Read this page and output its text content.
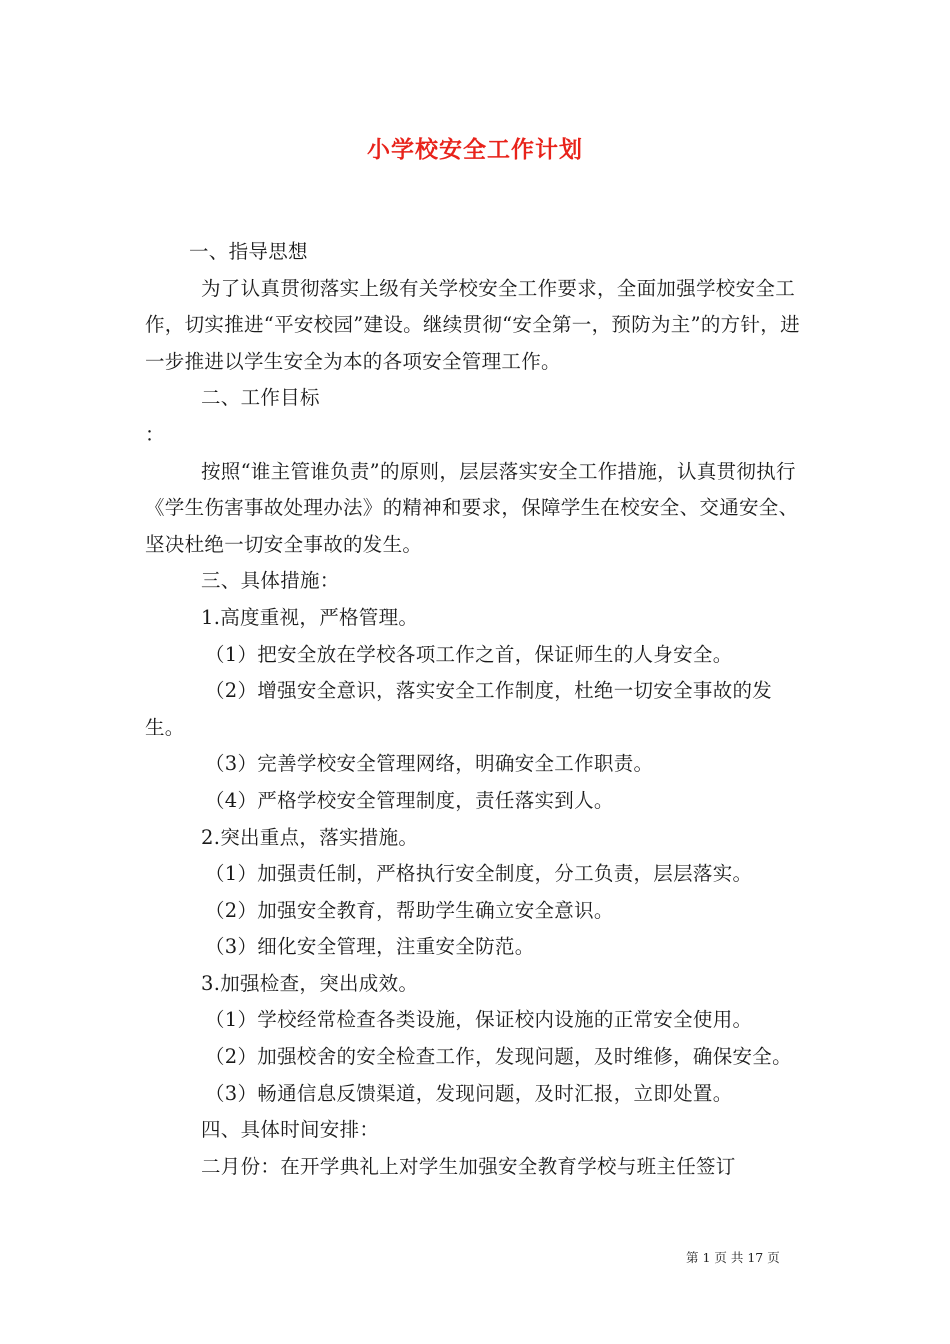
小学校安全工作计划

一、指导思想

为了认真贯彻落实上级有关学校安全工作要求，全面加强学校安全工作，切实推进“平安校园”建设。继续贯彻“安全第一，预防为主”的方针，进一步推进以学生安全为本的各项安全管理工作。

二、工作目标

：

按照“谁主管谁负责”的原则，层层落实安全工作措施，认真贯彻执行《学生伤害事故处理办法》的精神和要求，保障学生在校安全、交通安全、坚决杜绝一切安全事故的发生。

三、具体措施：

1.高度重视，严格管理。

（1）把安全放在学校各项工作之首，保证师生的人身安全。

（2）增强安全意识，落实安全工作制度，杜绝一切安全事故的发生。

（3）完善学校安全管理网络，明确安全工作职责。

（4）严格学校安全管理制度，责任落实到人。

2.突出重点，落实措施。

（1）加强责任制，严格执行安全制度，分工负责，层层落实。

（2）加强安全教育，帮助学生确立安全意识。

（3）细化安全管理，注重安全防范。

3.加强检查，突出成效。

（1）学校经常检查各类设施，保证校内设施的正常安全使用。

（2）加强校舍的安全检查工作，发现问题，及时维修，确保安全。

（3）畅通信息反馈渠道，发现问题，及时汇报，立即处置。

四、具体时间安排：

二月份：在开学典礼上对学生加强安全教育学校与班主任签订

第 1 页 共 17 页
